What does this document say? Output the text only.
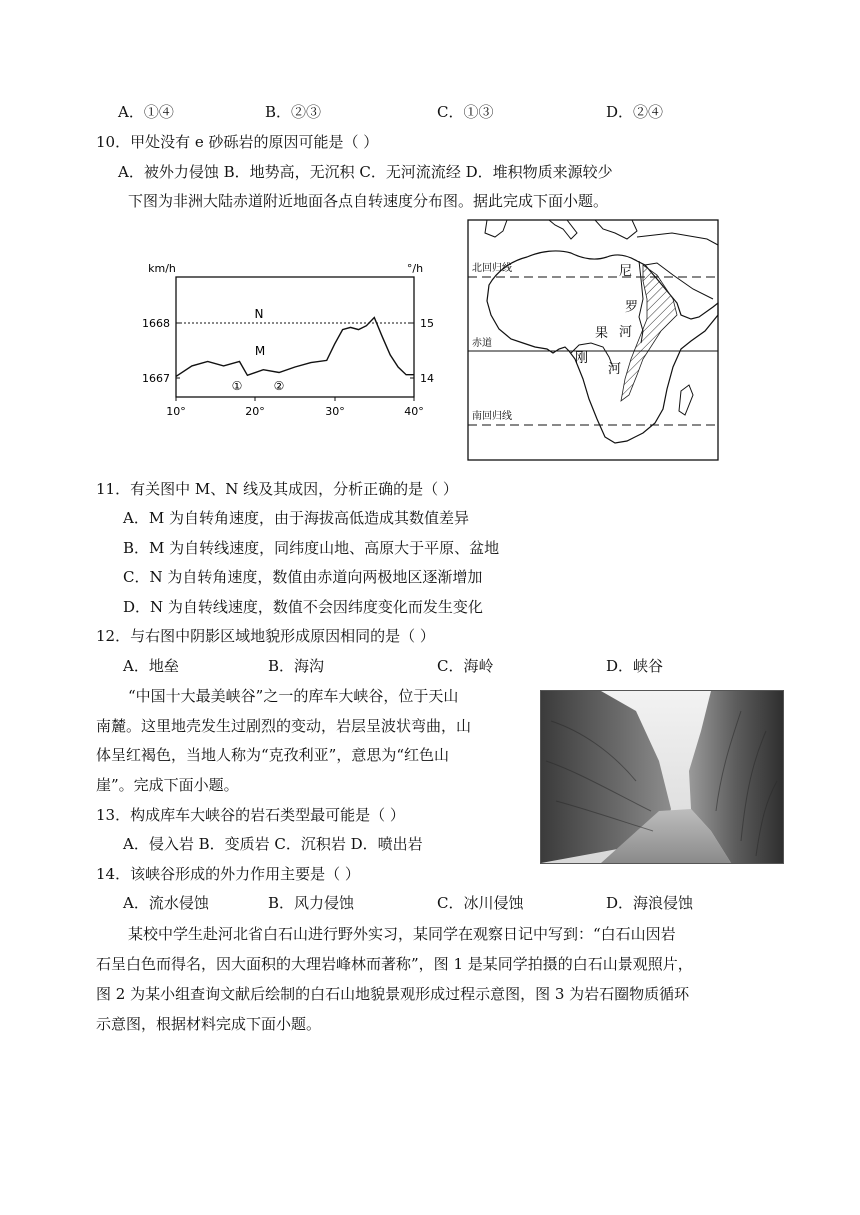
A．①④	B．②③	C．①③	D．②④
10．甲处没有 e 砂砾岩的原因可能是（ ）
A．被外力侵蚀 B．地势高，无沉积 C．无河流流经 D．堆积物质来源较少
下图为非洲大陆赤道附近地面各点自转速度分布图。据此完成下面小题。
km/h	°/h
1668
1667
15
14
10°	20°	30°	40°
N
M
①	②
北回归线
赤道
南回归线
尼
罗
河
刚
果
河
11．有关图中 M、N 线及其成因，分析正确的是（ ）
A．M 为自转角速度，由于海拔高低造成其数值差异
B．M 为自转线速度，同纬度山地、高原大于平原、盆地
C．N 为自转角速度，数值由赤道向两极地区逐渐增加
D．N 为自转线速度，数值不会因纬度变化而发生变化
12．与右图中阴影区域地貌形成原因相同的是（ ）
A．地垒	B．海沟	C．海岭	D．峡谷
“中国十大最美峡谷”之一的库车大峡谷，位于天山
南麓。这里地壳发生过剧烈的变动，岩层呈波状弯曲，山
体呈红褐色，当地人称为“克孜利亚”，意思为“红色山
崖”。完成下面小题。
13．构成库车大峡谷的岩石类型最可能是（ ）
A．侵入岩 B．变质岩 C．沉积岩 D．喷出岩
14．该峡谷形成的外力作用主要是（ ）
A．流水侵蚀	B．风力侵蚀	C．冰川侵蚀	D．海浪侵蚀
某校中学生赴河北省白石山进行野外实习，某同学在观察日记中写到：“白石山因岩
石呈白色而得名，因大面积的大理岩峰林而著称”，图 1 是某同学拍摄的白石山景观照片，
图 2 为某小组查询文献后绘制的白石山地貌景观形成过程示意图，图 3 为岩石圈物质循环
示意图，根据材料完成下面小题。
